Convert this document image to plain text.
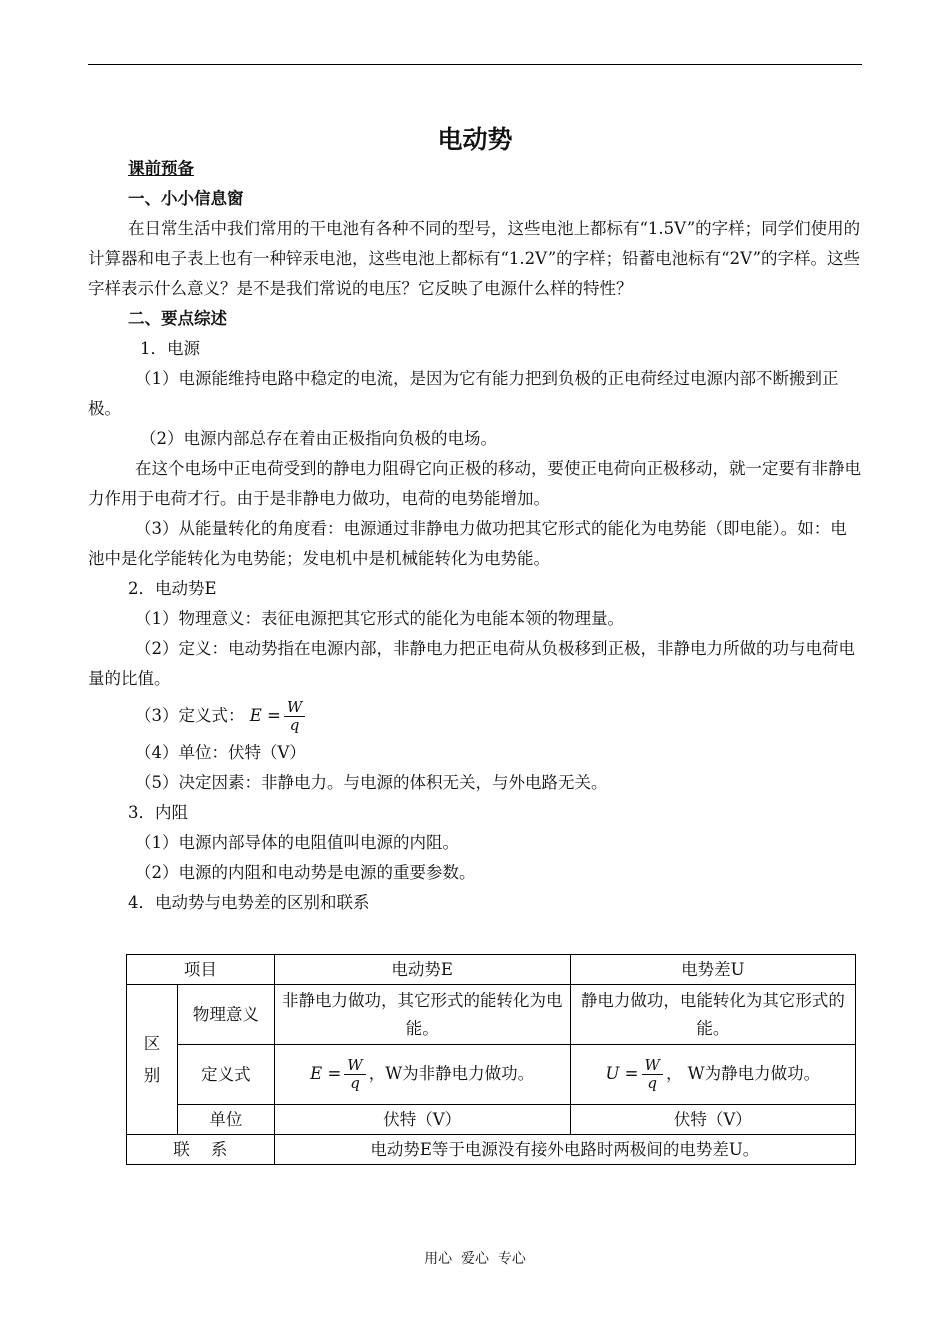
电动势

课前预备

一、小小信息窗

在日常生活中我们常用的干电池有各种不同的型号，这些电池上都标有“1.5V”的字样；同学们使用的计算器和电子表上也有一种锌汞电池，这些电池上都标有“1.2V”的字样；铅蓄电池标有“2V”的字样。这些字样表示什么意义？是不是我们常说的电压？它反映了电源什么样的特性？

二、要点综述

1．电源

（1）电源能维持电路中稳定的电流，是因为它有能力把到负极的正电荷经过电源内部不断搬到正极。

（2）电源内部总存在着由正极指向负极的电场。

在这个电场中正电荷受到的静电力阻碍它向正极的移动，要使正电荷向正极移动，就一定要有非静电力作用于电荷才行。由于是非静电力做功，电荷的电势能增加。

（3）从能量转化的角度看：电源通过非静电力做功把其它形式的能化为电势能（即电能）。如：电池中是化学能转化为电势能；发电机中是机械能转化为电势能。

2．电动势E

（1）物理意义：表征电源把其它形式的能化为电能本领的物理量。

（2）定义：电动势指在电源内部，非静电力把正电荷从负极移到正极，非静电力所做的功与电荷电量的比值。

（3）定义式： $E = \frac{W}{q}$

（4）单位：伏特（V）

（5）决定因素：非静电力。与电源的体积无关，与外电路无关。

3．内阻

（1）电源内部导体的电阻值叫电源的内阻。

（2）电源的内阻和电动势是电源的重要参数。

4．电动势与电势差的区别和联系

项目		电动势E	电势差U

区
别	物理意义	非静电力做功，其它形式的能转化为电能。	静电力做功，电能转化为其它形式的能。
	定义式	$E = \frac{W}{q}$ ，W为非静电力做功。	$U = \frac{W}{q}$ ， W为静电力做功。
	单位	伏特（V）	伏特（V）
联    系		电动势E等于电源没有接外电路时两极间的电势差U。	
用心  爱心  专心
